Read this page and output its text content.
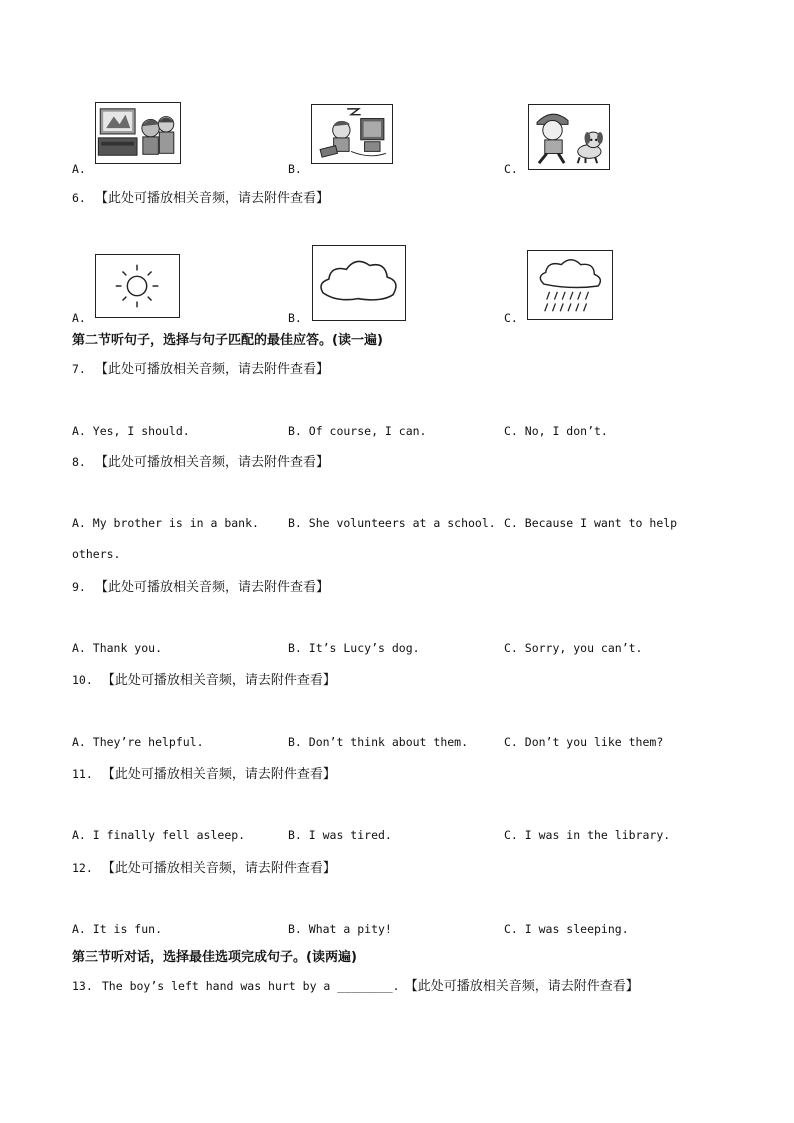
A.	B.	C.
6. 【此处可播放相关音频，请去附件查看】
A.	B.	C.
第二节听句子，选择与句子匹配的最佳应答。(读一遍)
7. 【此处可播放相关音频，请去附件查看】
A. Yes, I should.	B. Of course, I can.	C. No, I don’t.
8. 【此处可播放相关音频，请去附件查看】
A. My brother is in a bank.	B. She volunteers at a school. C. Because I want to help
others.
9. 【此处可播放相关音频，请去附件查看】
A. Thank you.	B. It’s Lucy’s dog.	C. Sorry, you can’t.
10. 【此处可播放相关音频，请去附件查看】
A. They’re helpful.	B. Don’t think about them.	C. Don’t you like them?
11. 【此处可播放相关音频，请去附件查看】
A. I finally fell asleep.	B. I was tired.	C. I was in the library.
12. 【此处可播放相关音频，请去附件查看】
A. It is fun.	B. What a pity!	C. I was sleeping.
第三节听对话，选择最佳选项完成句子。(读两遍)
13. The boy’s left hand was hurt by a ________. 【此处可播放相关音频，请去附件查看】
